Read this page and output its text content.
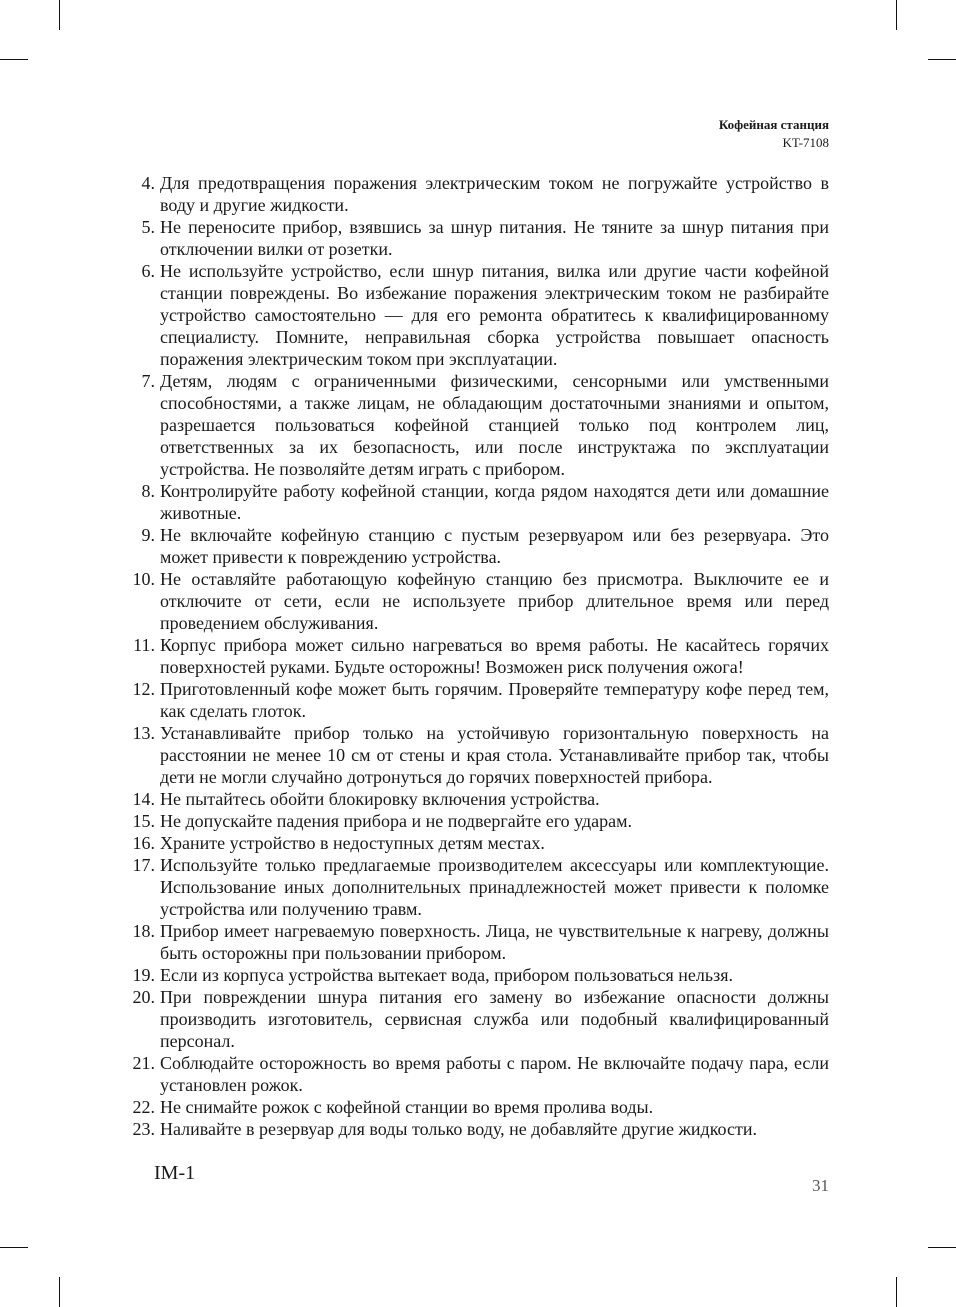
Кофейная станция
KT-7108
4. Для предотвращения поражения электрическим током не погружайте устройство в воду и другие жидкости.
5. Не переносите прибор, взявшись за шнур питания. Не тяните за шнур питания при отключении вилки от розетки.
6. Не используйте устройство, если шнур питания, вилка или другие части кофейной станции повреждены. Во избежание поражения электрическим током не разбирайте устройство самостоятельно — для его ремонта обратитесь к квалифицированному специалисту. Помните, неправильная сборка устройства повышает опасность поражения электрическим током при эксплуатации.
7. Детям, людям с ограниченными физическими, сенсорными или умственными способностями, а также лицам, не обладающим достаточными знаниями и опытом, разрешается пользоваться кофейной станцией только под контролем лиц, ответственных за их безопасность, или после инструктажа по эксплуатации устройства. Не позволяйте детям играть с прибором.
8. Контролируйте работу кофейной станции, когда рядом находятся дети или домашние животные.
9. Не включайте кофейную станцию с пустым резервуаром или без резервуара. Это может привести к повреждению устройства.
10. Не оставляйте работающую кофейную станцию без присмотра. Выключите ее и отключите от сети, если не используете прибор длительное время или перед проведением обслуживания.
11. Корпус прибора может сильно нагреваться во время работы. Не касайтесь горячих поверхностей руками. Будьте осторожны! Возможен риск получения ожога!
12. Приготовленный кофе может быть горячим. Проверяйте температуру кофе перед тем, как сделать глоток.
13. Устанавливайте прибор только на устойчивую горизонтальную поверхность на расстоянии не менее 10 см от стены и края стола. Устанавливайте прибор так, чтобы дети не могли случайно дотронуться до горячих поверхностей прибора.
14. Не пытайтесь обойти блокировку включения устройства.
15. Не допускайте падения прибора и не подвергайте его ударам.
16. Храните устройство в недоступных детям местах.
17. Используйте только предлагаемые производителем аксессуары или комплектующие. Использование иных дополнительных принадлежностей может привести к поломке устройства или получению травм.
18. Прибор имеет нагреваемую поверхность. Лица, не чувствительные к нагреву, должны быть осторожны при пользовании прибором.
19. Если из корпуса устройства вытекает вода, прибором пользоваться нельзя.
20. При повреждении шнура питания его замену во избежание опасности должны производить изготовитель, сервисная служба или подобный квалифицированный персонал.
21. Соблюдайте осторожность во время работы с паром. Не включайте подачу пара, если установлен рожок.
22. Не снимайте рожок с кофейной станции во время пролива воды.
23. Наливайте в резервуар для воды только воду, не добавляйте другие жидкости.
IM-1
31
